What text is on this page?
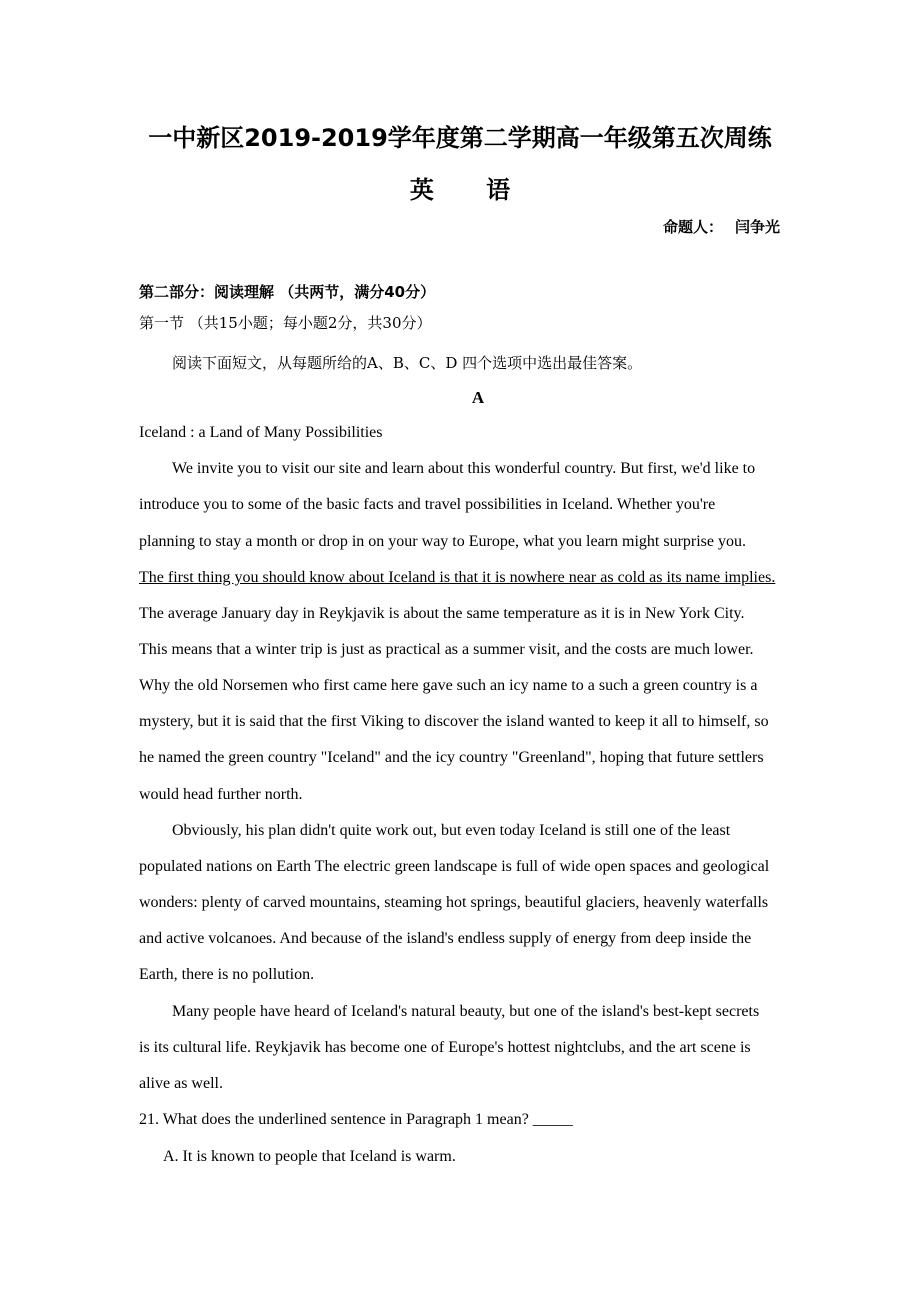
一中新区2019-2019学年度第二学期高一年级第五次周练
英 语
命题人： 闫争光
第二部分：阅读理解 （共两节，满分40分）
第一节 （共15小题；每小题2分，共30分）
阅读下面短文，从每题所给的A、B、C、D 四个选项中选出最佳答案。
A
Iceland : a Land of Many Possibilities
We invite you to visit our site and learn about this wonderful country. But first, we'd like to
introduce you to some of the basic facts and travel possibilities in Iceland. Whether you're
planning to stay a month or drop in on your way to Europe, what you learn might surprise you.
The first thing you should know about Iceland is that it is nowhere near as cold as its name implies.
The average January day in Reykjavik is about the same temperature as it is in New York City.
This means that a winter trip is just as practical as a summer visit, and the costs are much lower.
Why the old Norsemen who first came here gave such an icy name to a such a green country is a
mystery, but it is said that the first Viking to discover the island wanted to keep it all to himself, so
he named the green country "Iceland" and the icy country "Greenland", hoping that future settlers
would head further north.
Obviously, his plan didn't quite work out, but even today Iceland is still one of the least
populated nations on Earth The electric green landscape is full of wide open spaces and geological
wonders: plenty of carved mountains, steaming hot springs, beautiful glaciers, heavenly waterfalls
and active volcanoes. And because of the island's endless supply of energy from deep inside the
Earth, there is no pollution.
Many people have heard of Iceland's natural beauty, but one of the island's best-kept secrets
is its cultural life. Reykjavik has become one of Europe's hottest nightclubs, and the art scene is
alive as well.
21. What does the underlined sentence in Paragraph 1 mean? _____
A. It is known to people that Iceland is warm.
